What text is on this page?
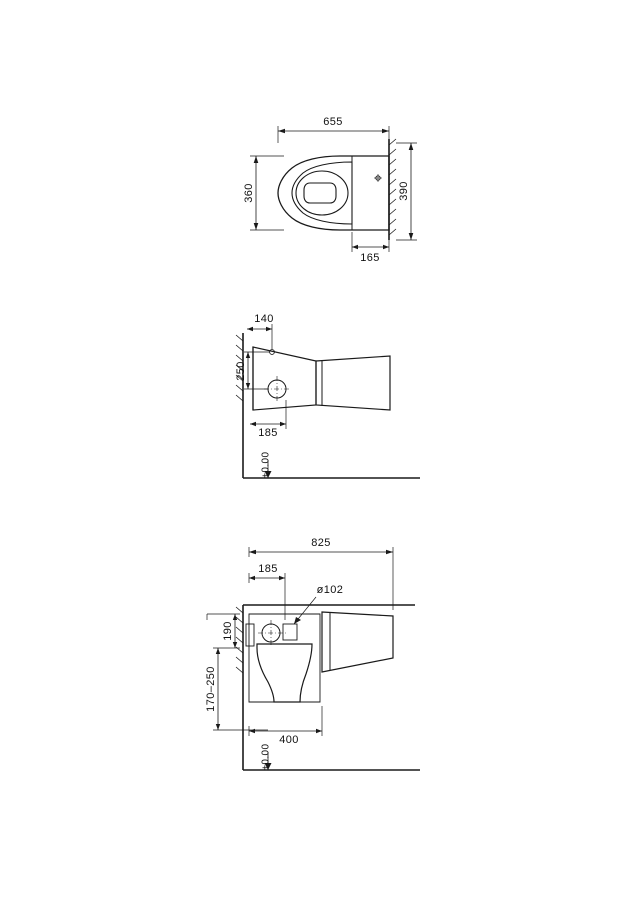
655
360	390
165
140
250
185
±0.00
825
185
ø102
190
170–250
400
±0.00
